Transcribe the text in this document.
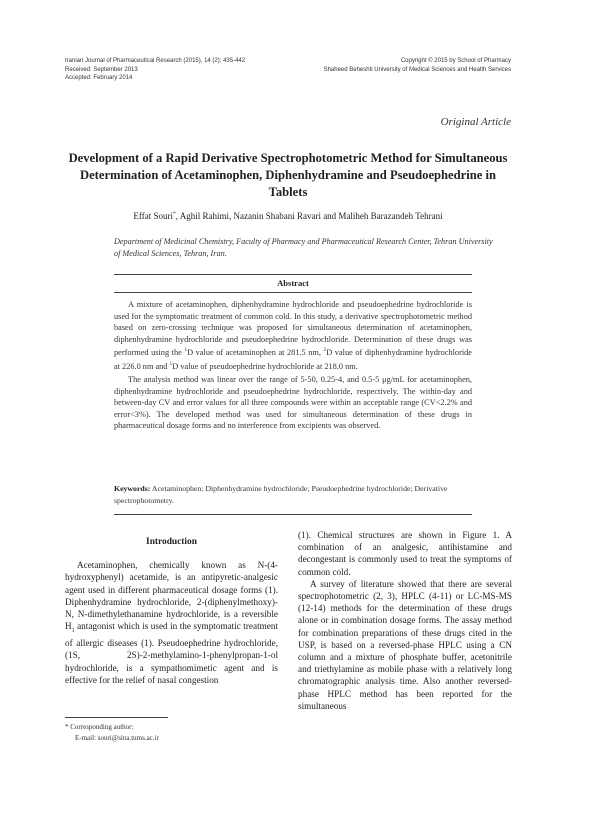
Iranian Journal of Pharmaceutical Research (2015), 14 (2): 435-442
Received: September 2013
Accepted: February 2014
Copyright © 2015 by School of Pharmacy
Shaheed Beheshti University of Medical Sciences and Health Services
Original Article
Development of a Rapid Derivative Spectrophotometric Method for Simultaneous Determination of Acetaminophen, Diphenhydramine and Pseudoephedrine in Tablets
Effat Souri*, Aghil Rahimi, Nazanin Shabani Ravari and Maliheh Barazandeh Tehrani
Department of Medicinal Chemistry, Faculty of Pharmacy and Pharmaceutical Research Center, Tehran University of Medical Sciences, Tehran, Iran.
Abstract

A mixture of acetaminophen, diphenhydramine hydrochloride and pseudoephedrine hydrochloride is used for the symptomatic treatment of common cold. In this study, a derivative spectrophotometric method based on zero-crossing technique was proposed for simultaneous determination of acetaminophen, diphenhydramine hydrochloride and pseudoephedrine hydrochloride. Determination of these drugs was performed using the $^1$D value of acetaminophen at 281.5 nm, $^2$D value of diphenhydramine hydrochloride at 226.0 nm and $^1$D value of pseudoephedrine hydrochloride at 218.0 nm.

The analysis method was linear over the range of 5-50, 0.25-4, and 0.5-5 μg/mL for acetaminophen, diphenhydramine hydrochloride and pseudoephedrine hydrochloride, respectively. The within-day and between-day CV and error values for all three compounds were within an acceptable range (CV<2.2% and error<3%). The developed method was used for simultaneous determination of these drugs in pharmaceutical dosage forms and no interference from excipients was observed.

Keywords: Acetaminophen; Diphenhydramine hydrochloride; Pseudoephedrine hydrochloride; Derivative spectrophotometry.
Introduction

Acetaminophen, chemically known as N-(4-hydroxyphenyl) acetamide, is an antipyretic-analgesic agent used in different pharmaceutical dosage forms (1). Diphenhydramine hydrochloride, 2-(diphenylmethoxy)-N, N-dimethylethanamine hydrochloride, is a reversible $H_1$ antagonist which is used in the symptomatic treatment of allergic diseases (1). Pseudoephedrine hydrochloride, (1S, 2S)-2-methylamino-1-phenylpropan-1-ol hydrochloride, is a sympathomimetic agent and is effective for the relief of nasal congestion

(1). Chemical structures are shown in Figure 1. A combination of an analgesic, antihistamine and decongestant is commonly used to treat the symptoms of common cold.

A survey of literature showed that there are several spectrophotometric (2, 3), HPLC (4-11) or LC-MS-MS (12-14) methods for the determination of these drugs alone or in combination dosage forms. The assay method for combination preparations of these drugs cited in the USP, is based on a reversed-phase HPLC using a CN column and a mixture of phosphate buffer, acetonitrile and triethylamine as mobile phase with a relatively long chromatographic analysis time. Also another reversed-phase HPLC method has been reported for the simultaneous

* Corresponding author:
E-mail: souri@sina.tums.ac.ir
